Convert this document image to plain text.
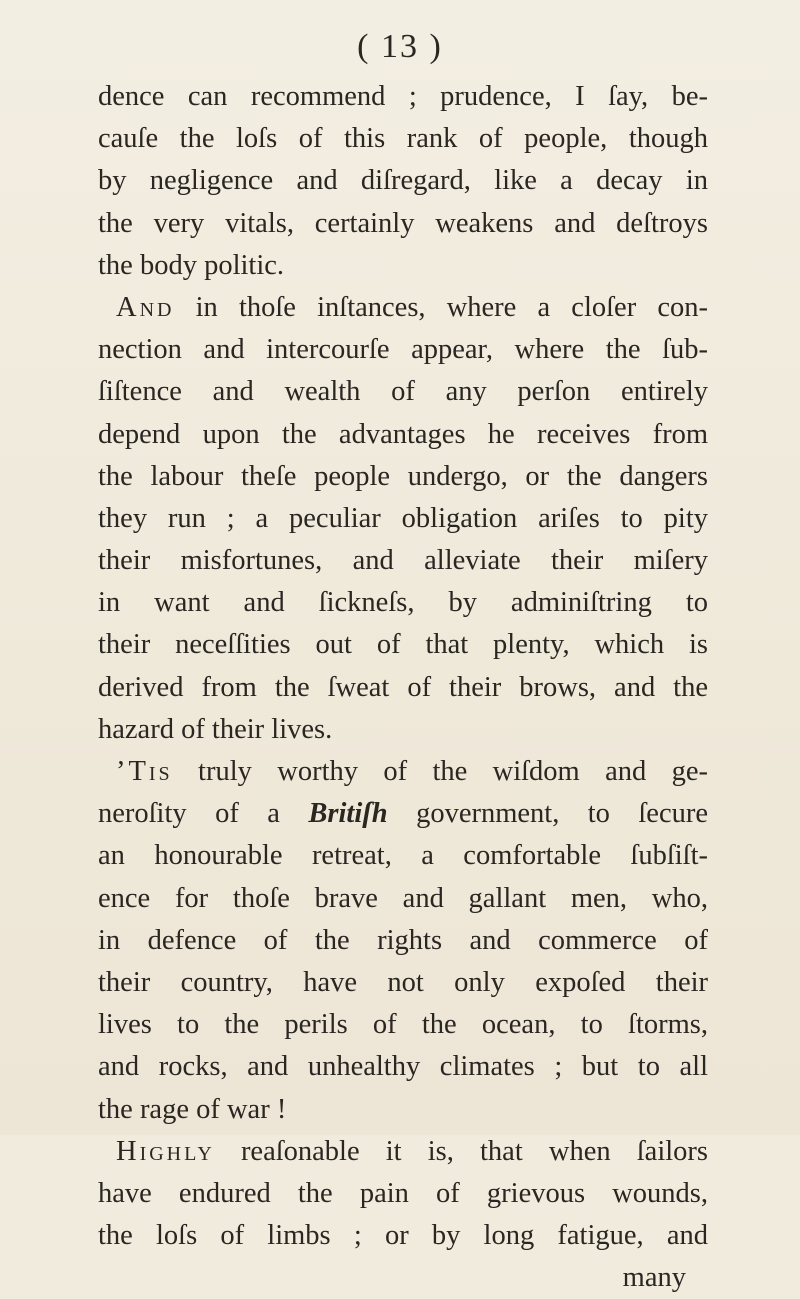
( 13 )
dence can recommend ; prudence, I ſay, be-
cauſe the loſs of this rank of people, though
by negligence and diſregard, like a decay in
the very vitals, certainly weakens and deſtroys
the body politic.
And in thoſe inſtances, where a cloſer con-
nection and intercourſe appear, where the ſub-
ſiſtence and wealth of any perſon entirely
depend upon the advantages he receives from
the labour theſe people undergo, or the dangers
they run ; a peculiar obligation ariſes to pity
their misfortunes, and alleviate their miſery
in want and ſickneſs, by adminiſtring to
their neceſſities out of that plenty, which is
derived from the ſweat of their brows, and the
hazard of their lives.
’Tis truly worthy of the wiſdom and ge-
neroſity of a Britiſh government, to ſecure
an honourable retreat, a comfortable ſubſiſt-
ence for thoſe brave and gallant men, who,
in defence of the rights and commerce of
their country, have not only expoſed their
lives to the perils of the ocean, to ſtorms,
and rocks, and unhealthy climates ; but to all
the rage of war !
Highly reaſonable it is, that when ſailors
have endured the pain of grievous wounds,
the loſs of limbs ; or by long fatigue, and
many
